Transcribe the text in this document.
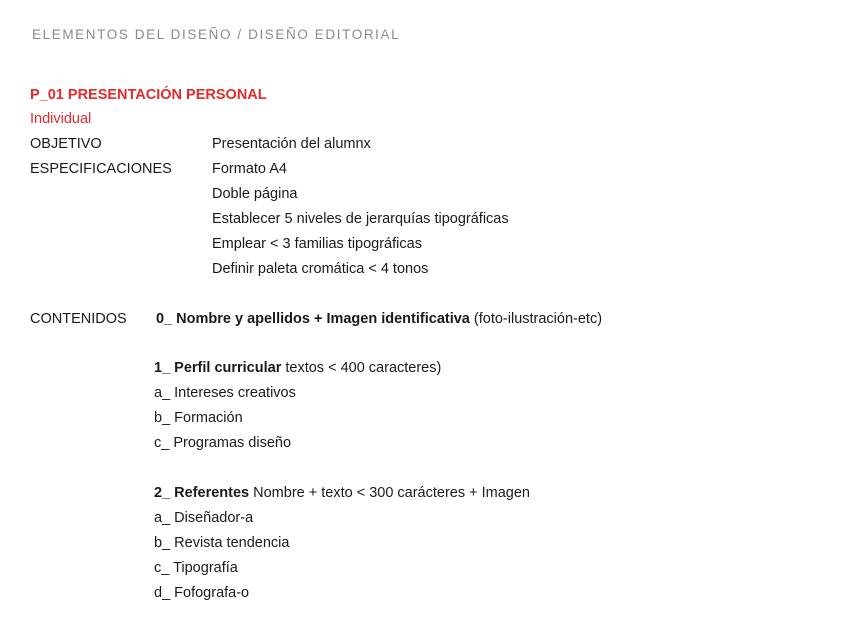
ELEMENTOS DEL DISEÑO / DISEÑO EDITORIAL
P_01 PRESENTACIÓN PERSONAL
Individual
OBJETIVO	Presentación del alumnx
ESPECIFICACIONES	Formato A4
Doble página
Establecer 5 niveles de jerarquías tipográficas
Emplear < 3 familias tipográficas
Definir paleta cromática < 4 tonos
CONTENIDOS 0_ Nombre y apellidos + Imagen identificativa (foto-ilustración-etc)
1_ Perfil curricular textos < 400 caracteres)
a_ Intereses creativos
b_ Formación
c_ Programas diseño
2_ Referentes Nombre + texto < 300 carácteres + Imagen
a_ Diseñador-a
b_ Revista tendencia
c_ Tipografía
d_ Fofografa-o
